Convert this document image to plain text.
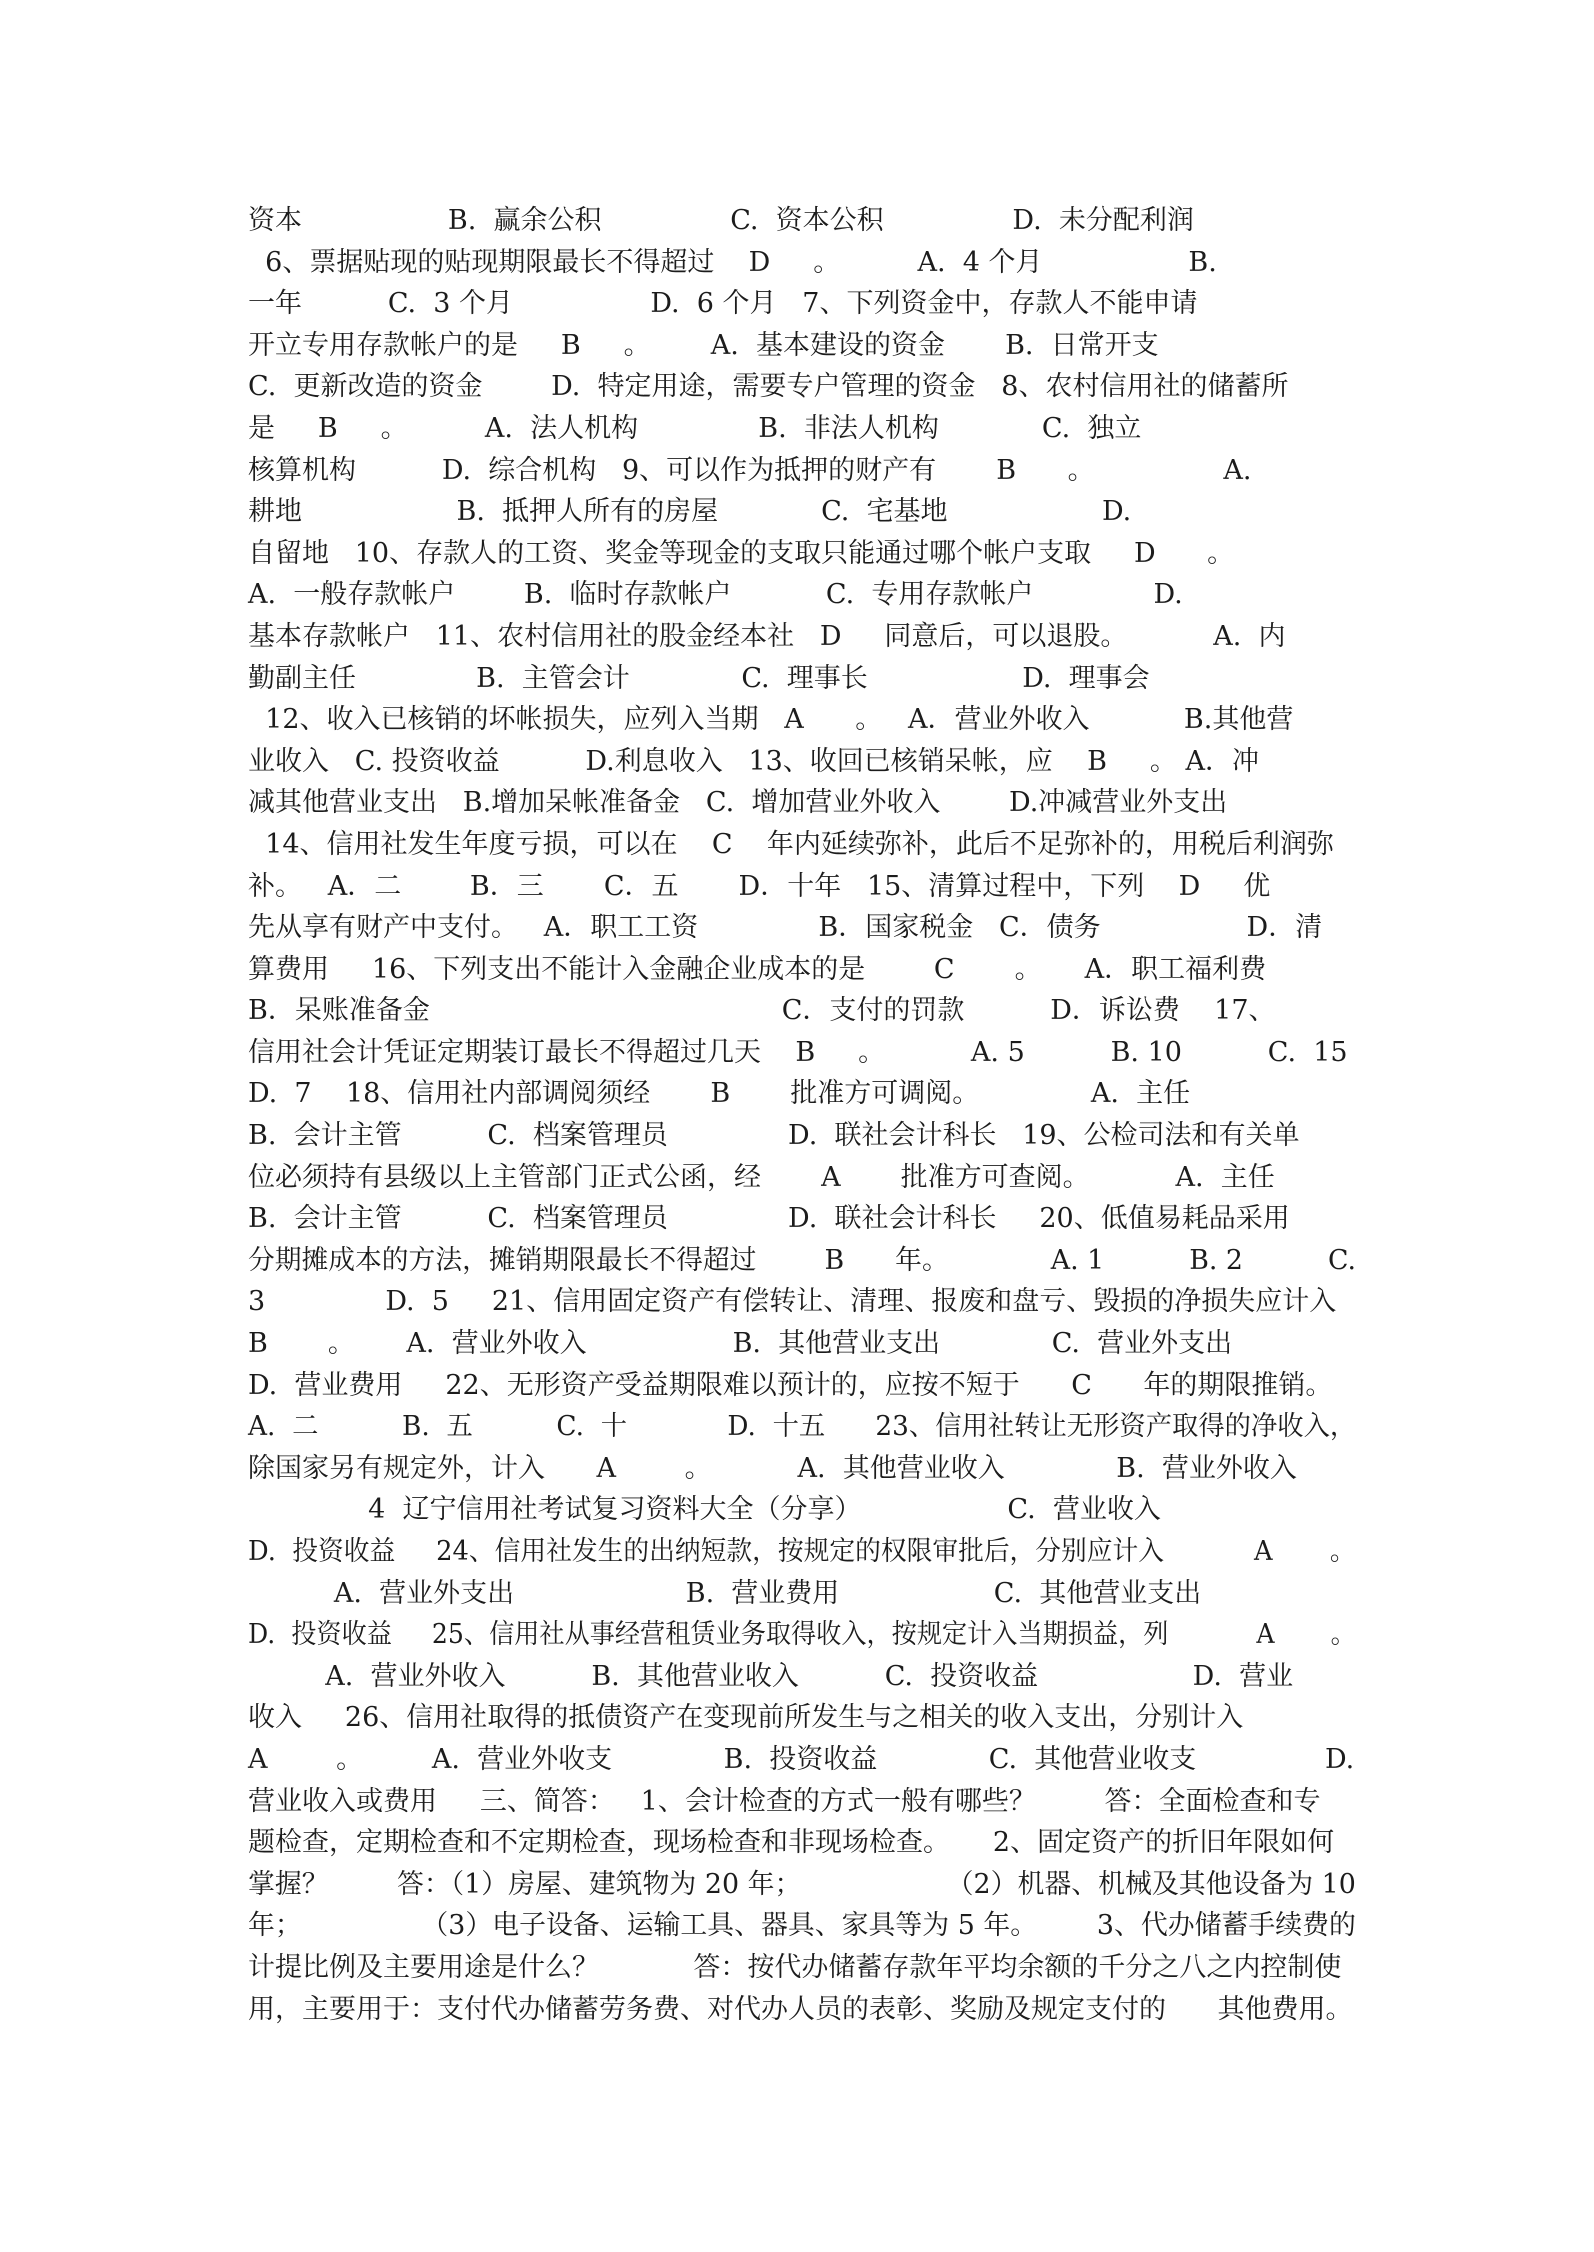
资本                 B.  赢余公积               C.  资本公积               D.  未分配利润
6、票据贴现的贴现期限最长不得超过    D     。         A.  4 个月                 B.
一年          C.  3 个月                D.  6 个月   7、下列资金中，存款人不能申请
开立专用存款帐户的是     B     。       A.  基本建设的资金       B.  日常开支
C.  更新改造的资金        D.  特定用途，需要专户管理的资金   8、农村信用社的储蓄所
是     B     。         A.  法人机构              B.  非法人机构            C.  独立
核算机构          D.  综合机构   9、可以作为抵押的财产有       B      。               A.
耕地                  B.  抵押人所有的房屋            C.  宅基地                  D.
自留地   10、存款人的工资、奖金等现金的支取只能通过哪个帐户支取     D      。
A.  一般存款帐户        B.  临时存款帐户           C.  专用存款帐户              D.
基本存款帐户   11、农村信用社的股金经本社   D     同意后，可以退股。          A.  内
勤副主任              B.  主管会计             C.  理事长                  D.  理事会
12、收入已核销的坏帐损失，应列入当期   A      。   A．营业外收入           B.其他营
业收入   C. 投资收益          D.利息收入   13、收回已核销呆帐，应    B     。 A．冲
减其他营业支出   B.增加呆帐准备金   C.  增加营业外收入        D.冲减营业外支出
14、信用社发生年度亏损，可以在    C    年内延续弥补，此后不足弥补的，用税后利润弥
补。   A．二        B．三       C．五       D．十年   15、清算过程中，下列    D     优
先从享有财产中支付。   A．职工工资              B．国家税金   C．债务                 D．清
算费用     16、下列支出不能计入金融企业成本的是        C       。     A．职工福利费
B．呆账准备金                                         C．支付的罚款          D．诉讼费    17、
信用社会计凭证定期装订最长不得超过几天    B     。          A. 5          B. 10          C.  15
D.  7    18、信用社内部调阅须经       B       批准方可调阅。             A.  主任
B.  会计主管          C.  档案管理员              D.  联社会计科长   19、公检司法和有关单
位必须持有县级以上主管部门正式公函，经       A       批准方可查阅。          A.  主任
B.  会计主管          C.  档案管理员              D.  联社会计科长     20、低值易耗品采用
分期摊成本的方法，摊销期限最长不得超过        B      年。            A. 1          B. 2          C.
3              D.  5     21、信用固定资产有偿转让、清理、报废和盘亏、毁损的净损失应计入
B       。      A.  营业外收入                 B.  其他营业支出             C.  营业外支出
D.  营业费用     22、无形资产受益期限难以预计的，应按不短于      C      年的期限推销。
A.  二          B.  五          C.  十            D.  十五      23、信用社转让无形资产取得的净收入，
除国家另有规定外，计入      A        。          A.  其他营业收入             B.  营业外收入
4  辽宁信用社考试复习资料大全（分享）                 C.  营业收入
D.  投资收益     24、信用社发生的出纳短款，按规定的权限审批后，分别应计入           A       。
A.  营业外支出                    B.  营业费用                  C.  其他营业支出
D.  投资收益     25、信用社从事经营租赁业务取得收入，按规定计入当期损益，列           A       。
A.  营业外收入          B.  其他营业收入          C.  投资收益                  D.  营业
收入     26、信用社取得的抵债资产在变现前所发生与之相关的收入支出，分别计入
A        。        A.  营业外收支             B.  投资收益             C.  其他营业收支               D.
营业收入或费用     三、简答：   1、会计检查的方式一般有哪些？        答：全面检查和专
题检查，定期检查和不定期检查，现场检查和非现场检查。     2、固定资产的折旧年限如何
掌握？        答：（1）房屋、建筑物为 20 年；                 （2）机器、机械及其他设备为 10
年；              （3）电子设备、运输工具、器具、家具等为 5 年。       3、代办储蓄手续费的
计提比例及主要用途是什么？           答：按代办储蓄存款年平均余额的千分之八之内控制使
用，主要用于：支付代办储蓄劳务费、对代办人员的表彰、奖励及规定支付的      其他费用。
